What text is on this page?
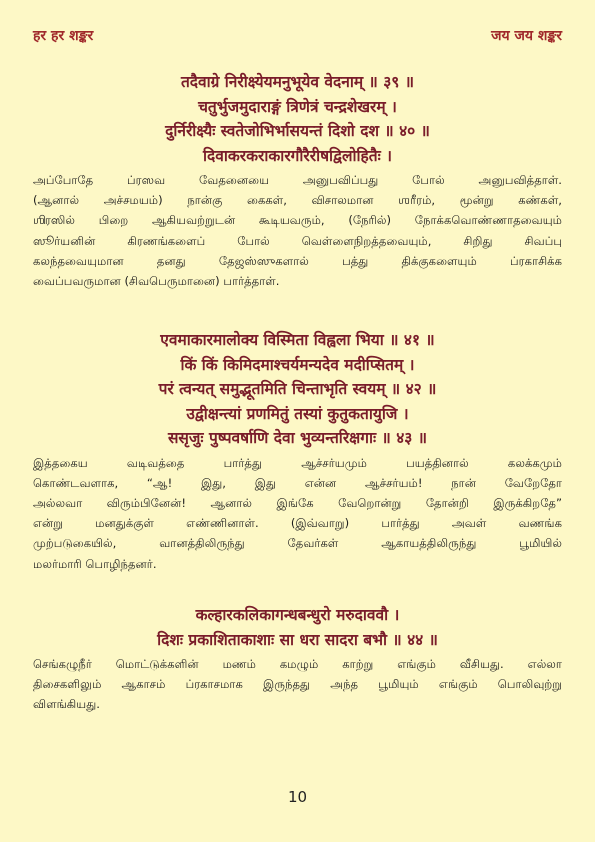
हर हर शङ्कर	जय जय शङ्कर
तदैवाग्रे निरीक्ष्येयमनुभूयेव वेदनाम् ॥ ३९ ॥
चतुर्भुजमुदाराङ्गं त्रिणेत्रं चन्द्रशेखरम् ।
दुर्निरीक्ष्यैः स्वतेजोभिर्भासयन्तं दिशो दश ॥ ४० ॥
दिवाकरकराकारगौरैरीषद्विलोहितैः ।
அப்போதே ப்ரஸவ வேதனையை அனுபவிப்பது போல் அனுபவித்தாள்.
(ஆனால் அச்சமயம்) நான்கு கைகள், விசாலமான ஶரீரம், மூன்று கண்கள்,
ஶிரஸில் பிறை ஆகியவற்றுடன் கூடியவரும், (நேரில்) நோக்கவொண்ணாதவையும்
ஸூர்யனின் கிரணங்களைப் போல் வெள்ளைநிறத்தவையும், சிறிது சிவப்பு
கலந்தவையுமான தனது தேஜஸ்ஸுகளால் பத்து திக்குகளையும் ப்ரகாசிக்க
வைப்பவருமான (சிவபெருமானை) பார்த்தாள்.
एवमाकारमालोक्य विस्मिता विह्वला भिया ॥ ४१ ॥
किं किं किमिदमाश्चर्यमन्यदेव मदीप्सितम् ।
परं त्वन्यत् समुद्भूतमिति चिन्ताभृति स्वयम् ॥ ४२ ॥
उद्वीक्षन्त्यां प्रणमितुं तस्यां कुतुकतायुजि ।
ससृजुः पुष्पवर्षाणि देवा भुव्यन्तरिक्षगाः ॥ ४३ ॥
இத்தகைய வடிவத்தை பார்த்து ஆச்சர்யமும் பயத்தினால் கலக்கமும்
கொண்டவளாக, “ஆ! இது, இது என்ன ஆச்சர்யம்! நான் வேறேதோ
அல்லவா விரும்பினேன்! ஆனால் இங்கே வேறொன்று தோன்றி இருக்கிறதே”
என்று மனதுக்குள் எண்ணினாள். (இவ்வாறு) பார்த்து அவள் வணங்க
முற்படுகையில், வானத்திலிருந்து தேவர்கள் ஆகாயத்திலிருந்து பூமியில்
மலர்மாரி பொழிந்தனர்.
कल्हारकलिकागन्धबन्धुरो मरुदाववौ ।
दिशः प्रकाशिताकाशाः सा धरा सादरा बभौ ॥ ४४ ॥
செங்கழுநீர் மொட்டுக்களின் மணம் கமழும் காற்று எங்கும் வீசியது. எல்லா
திசைகளிலும் ஆகாசம் ப்ரகாசமாக இருந்தது அந்த பூமியும் எங்கும் பொலிவுற்று
விளங்கியது.
10
